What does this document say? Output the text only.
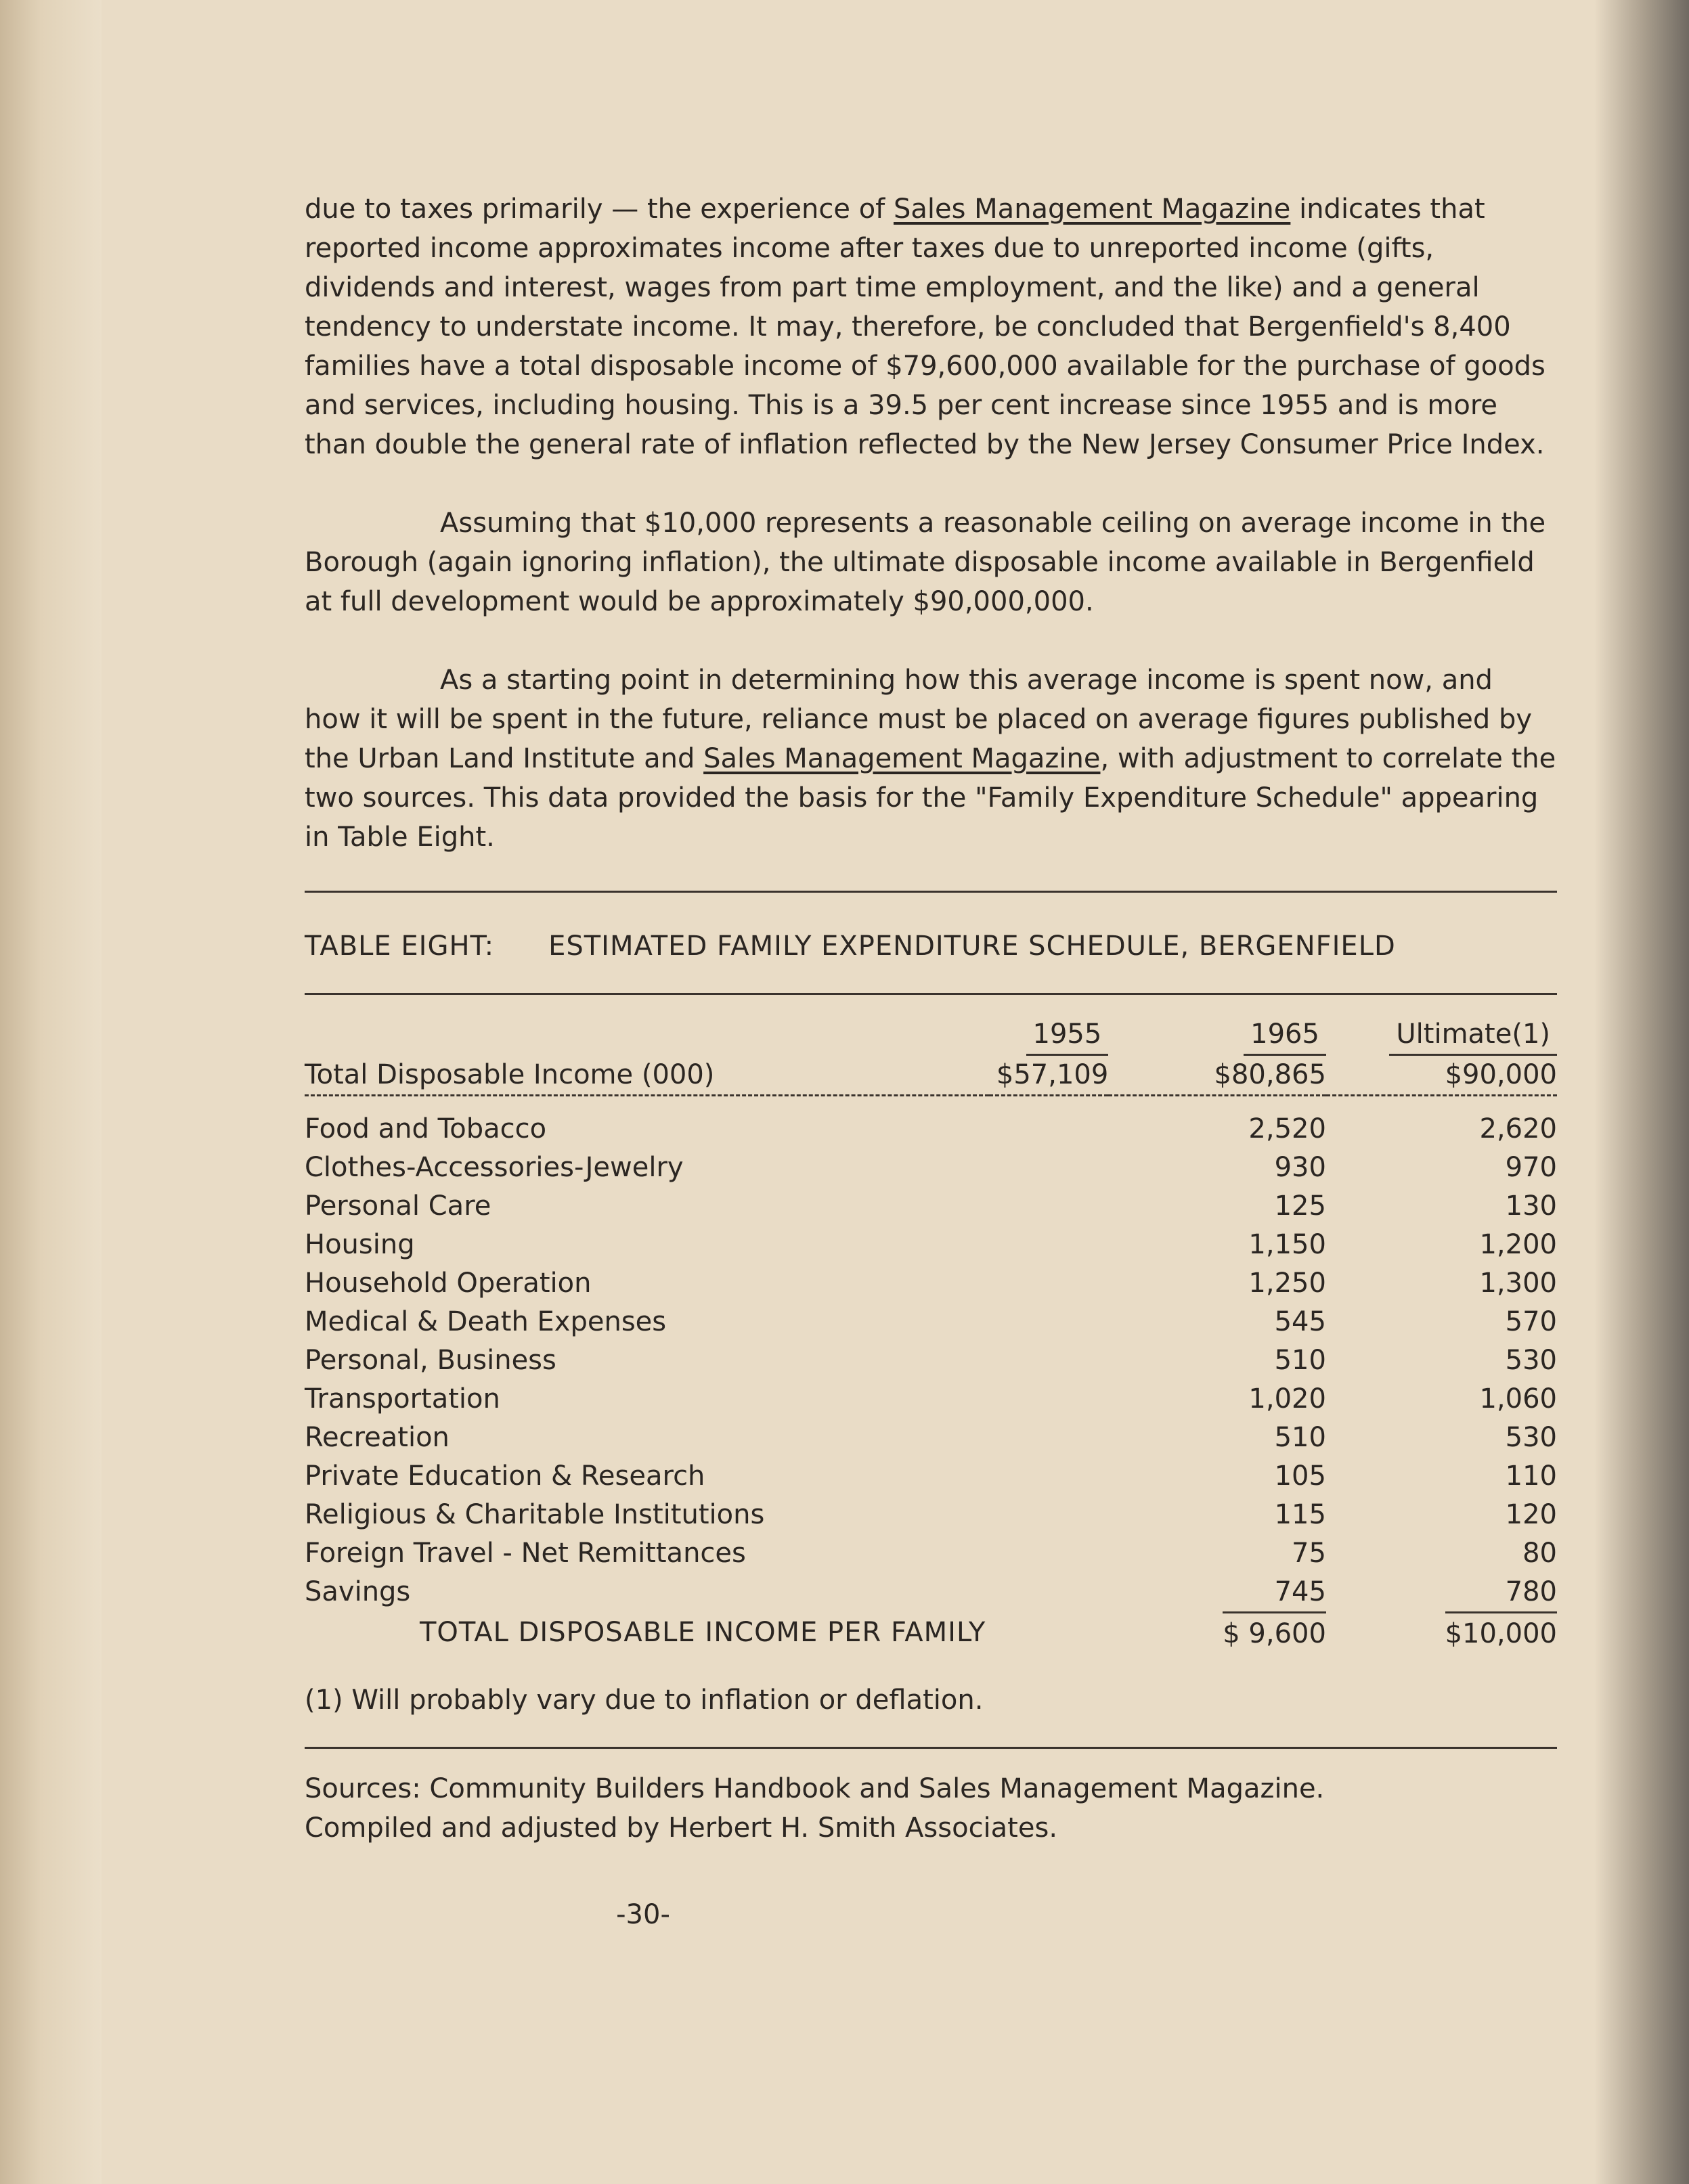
due to taxes primarily — the experience of Sales Management Magazine indicates that reported income approximates income after taxes due to unreported income (gifts, dividends and interest, wages from part time employment, and the like) and a general tendency to understate income. It may, therefore, be concluded that Bergenfield's 8,400 families have a total disposable income of $79,600,000 available for the purchase of goods and services, including housing. This is a 39.5 per cent increase since 1955 and is more than double the general rate of inflation reflected by the New Jersey Consumer Price Index.

Assuming that $10,000 represents a reasonable ceiling on average income in the Borough (again ignoring inflation), the ultimate disposable income available in Bergenfield at full development would be approximately $90,000,000.

As a starting point in determining how this average income is spent now, and how it will be spent in the future, reliance must be placed on average figures published by the Urban Land Institute and Sales Management Magazine, with adjustment to correlate the two sources. This data provided the basis for the "Family Expenditure Schedule" appearing in Table Eight.

TABLE EIGHT: ESTIMATED FAMILY EXPENDITURE SCHEDULE, BERGENFIELD
	1955	1965	Ultimate(1)
Total Disposable Income (000)	$57,109	$80,865	$90,000

Food and Tobacco		2,520	2,620
Clothes-Accessories-Jewelry		930	970
Personal Care		125	130
Housing		1,150	1,200
Household Operation		1,250	1,300
Medical & Death Expenses		545	570
Personal, Business		510	530
Transportation		1,020	1,060
Recreation		510	530
Private Education & Research		105	110
Religious & Charitable Institutions		115	120
Foreign Travel - Net Remittances		75	80
Savings		745	780
TOTAL DISPOSABLE INCOME PER FAMILY		$ 9,600	$10,000

(1) Will probably vary due to inflation or deflation.

Sources: Community Builders Handbook and Sales Management Magazine.

Compiled and adjusted by Herbert H. Smith Associates.

-30-
